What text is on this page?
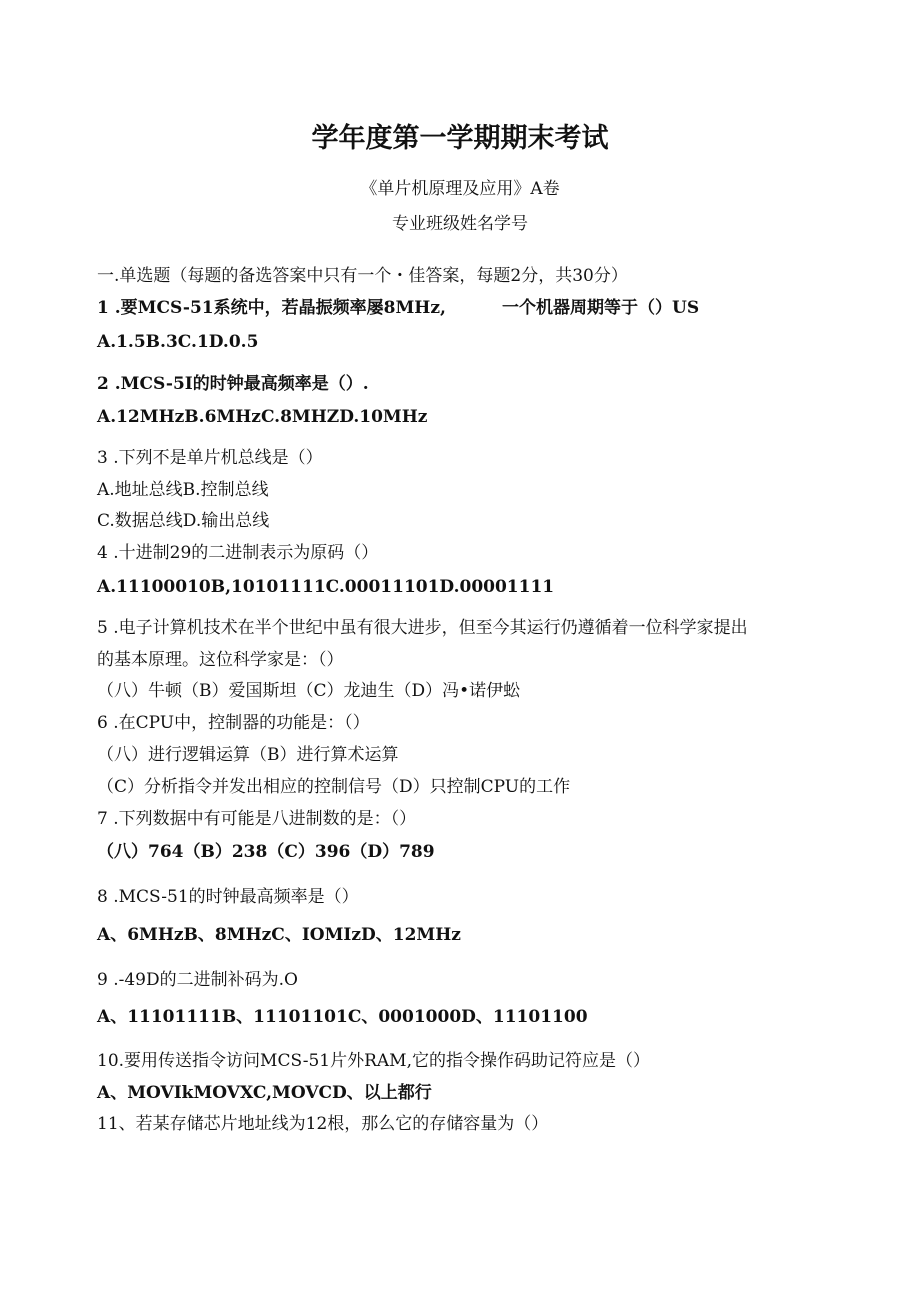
学年度第一学期期末考试
《单片机原理及应用》A卷
专业班级姓名学号
一.单选题（每题的备选答案中只有一个・佳答案，每题2分，共30分）
1 .要MCS-51系统中，若晶振频率屡8MHz,	一个机器周期等于（）US
A.1.5B.3C.1D.0.5
2 .MCS-5I的时钟最高频率是（）.
A.12MHzB.6MHzC.8MHZD.10MHz
3 .下列不是单片机总线是（）
A.地址总线B.控制总线
C.数据总线D.输出总线
4 .十进制29的二进制表示为原码（）
A.11100010B,10101111C.00011101D.00001111
5 .电子计算机技术在半个世纪中虽有很大进步，但至今其运行仍遵循着一位科学家提出
的基本原理。这位科学家是：（）
（八）牛顿（B）爱国斯坦（C）龙迪生（D）冯•诺伊蚣
6 .在CPU中，控制器的功能是：（）
（八）进行逻辑运算（B）进行算术运算
（C）分析指令并发出相应的控制信号（D）只控制CPU的工作
7 .下列数据中有可能是八进制数的是：（）
（八）764（B）238（C）396（D）789
8 .MCS-51的时钟最高频率是（）
A、6MHzB、8MHzC、IOMIzD、12MHz
9 .-49D的二进制补码为.O
A、11101111B、11101101C、0001000D、11101100
10.要用传送指令访问MCS-51片外RAM,它的指令操作码助记符应是（）
A、MOVIkMOVXC,MOVCD、以上都行
11、若某存储芯片地址线为12根，那么它的存储容量为（）
